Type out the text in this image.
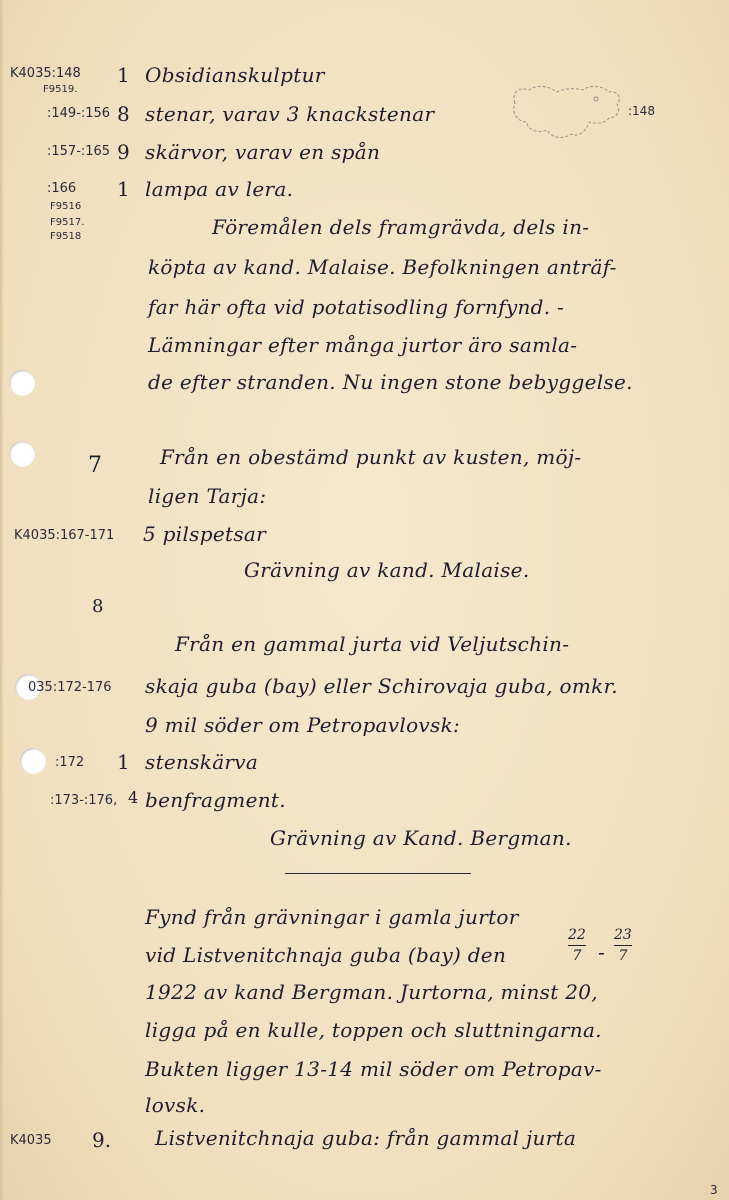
K4035:148
F9519.
1 Obsidianskulptur
:148
:149-:156 8 stenar, varav 3 knackstenar
:157-:165 9 skärvor, varav en spån
:166
F9516
F9517.
F9518
1 lampa av lera.
Föremålen dels framgrävda, dels in-
köpta av kand. Malaise. Befolkningen anträf-
far här ofta vid potatisodling fornfynd. -
Lämningar efter många jurtor äro samla-
de efter stranden. Nu ingen stone bebyggelse.
7	Från en obestämd punkt av kusten, möj-
ligen Tarja:
K4035:167-171 5 pilspetsar
Grävning av kand. Malaise.
8
Från en gammal jurta vid Veljutschin-
skaja guba (bay) eller Schirovaja guba, omkr.
9 mil söder om Petropavlovsk:
035:172-176
:172 1 stenskärva
:173-:176, 4 benfragment.
Grävning av Kand. Bergman.
Fynd från grävningar i gamla jurtor
vid Listvenitchnaja guba (bay) den
22
7 -
23
7
1922 av kand Bergman. Jurtorna, minst 20,
ligga på en kulle, toppen och sluttningarna.
Bukten ligger 13-14 mil söder om Petropav-
lovsk.
K4035 9. Listvenitchnaja guba: från gammal jurta
3
